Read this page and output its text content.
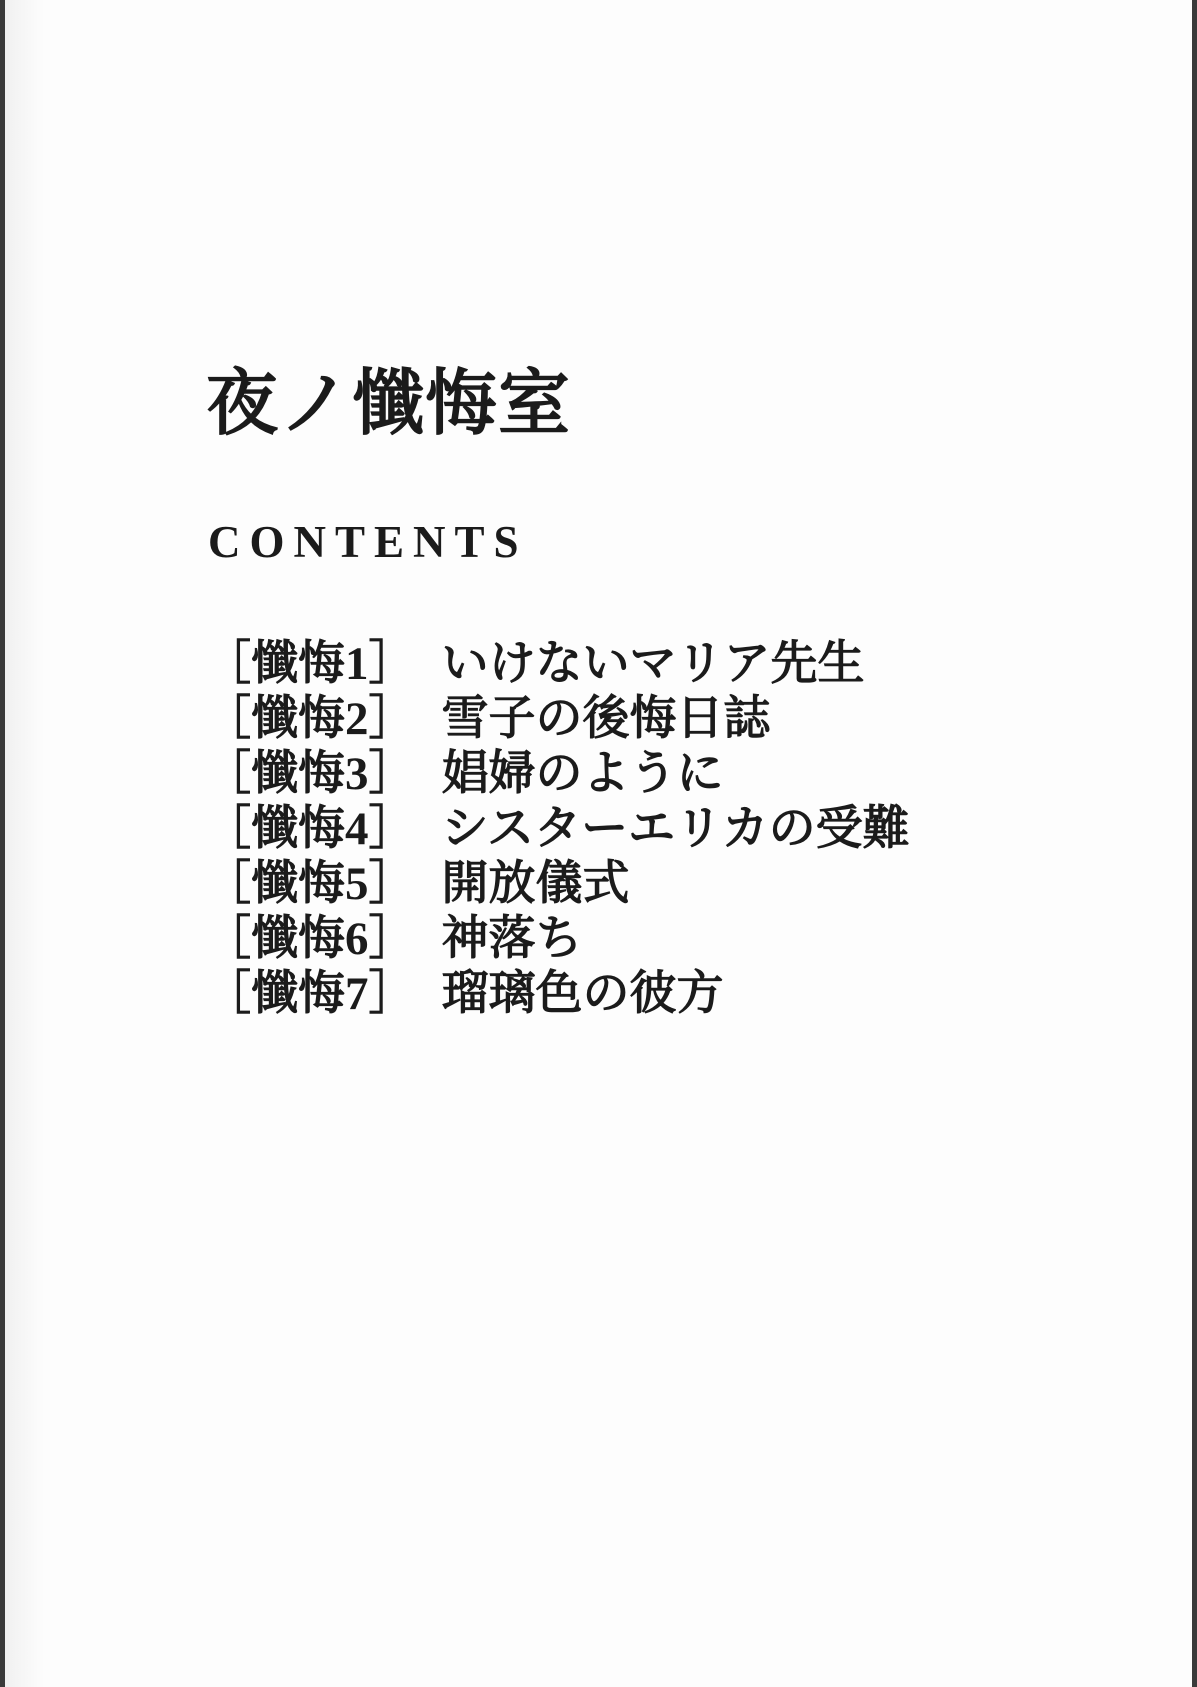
夜ノ懺悔室
CONTENTS
［懺悔1］ いけないマリア先生
［懺悔2］ 雪子の後悔日誌
［懺悔3］ 娼婦のように
［懺悔4］ シスターエリカの受難
［懺悔5］ 開放儀式
［懺悔6］ 神落ち
［懺悔7］ 瑠璃色の彼方
